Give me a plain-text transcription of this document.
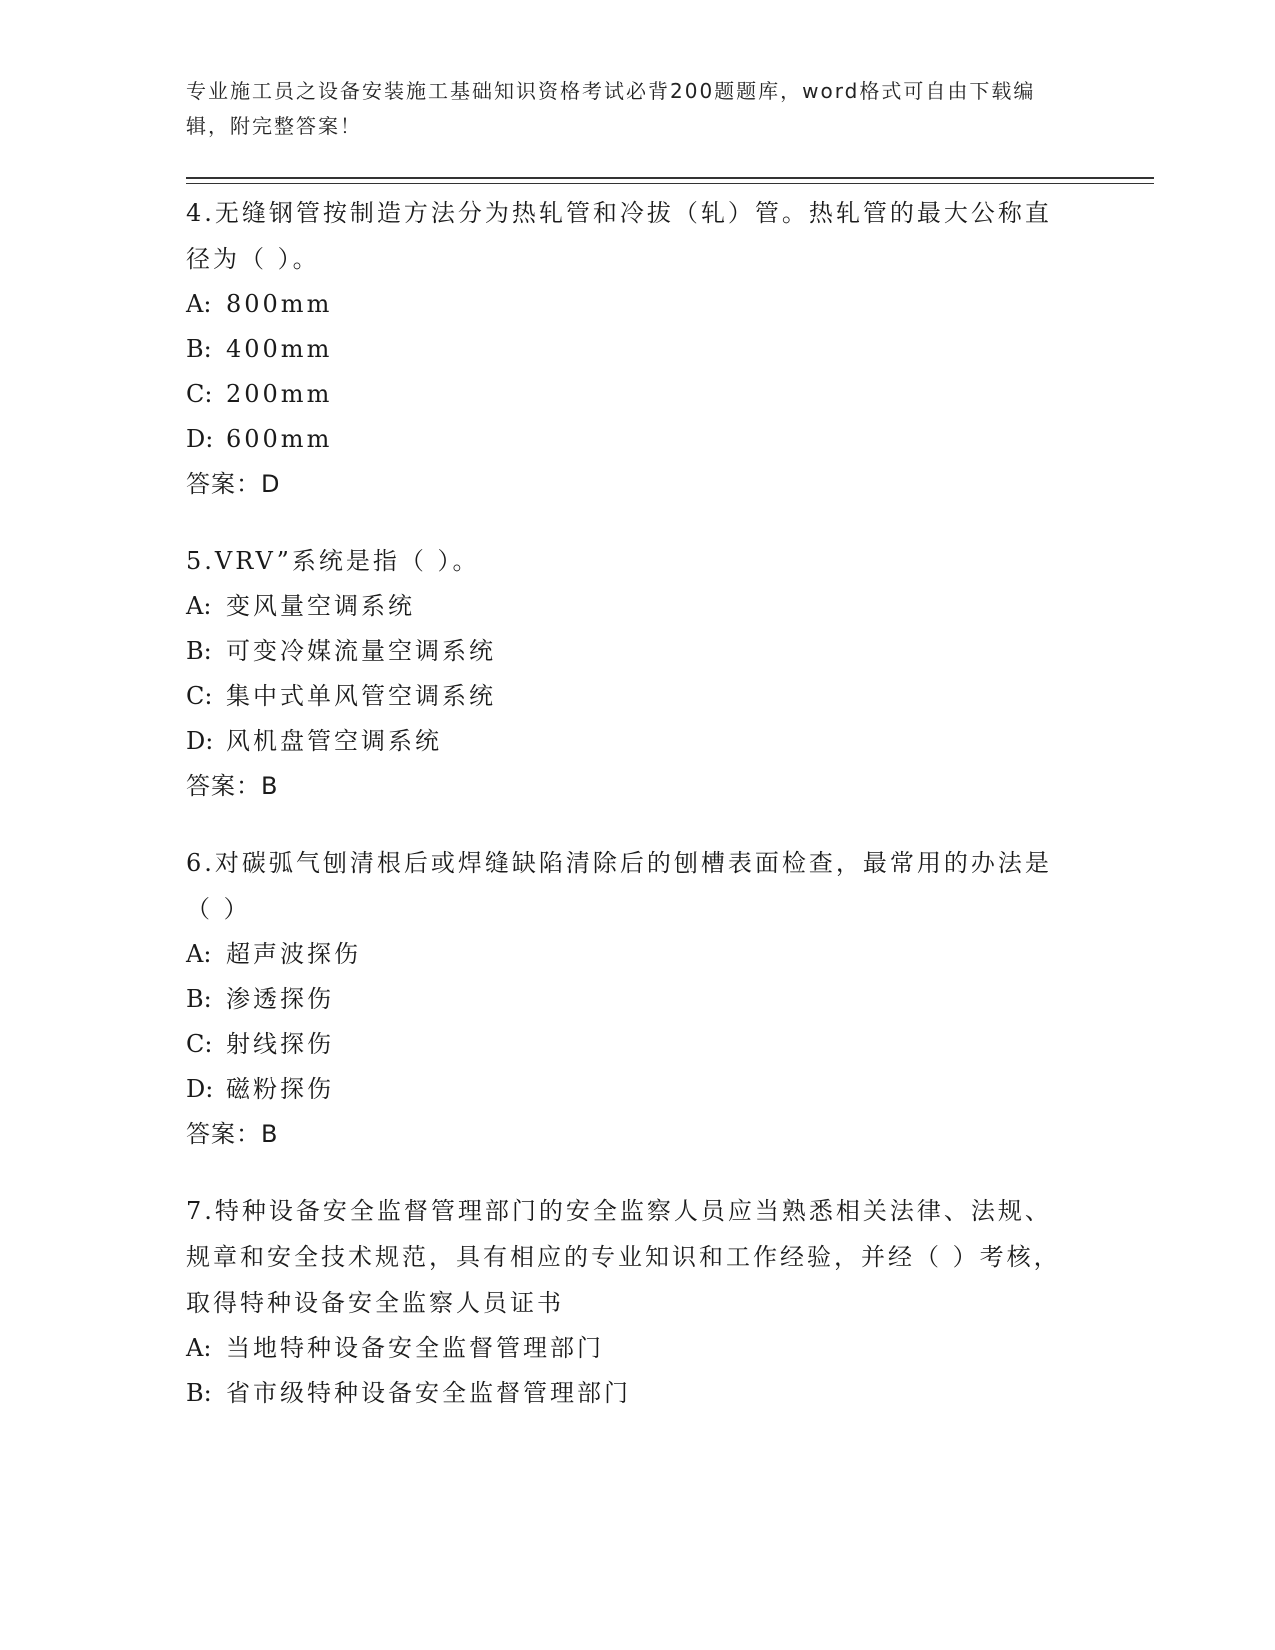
专业施工员之设备安装施工基础知识资格考试必背200题题库，word格式可自由下载编辑，附完整答案！
4.无缝钢管按制造方法分为热轧管和冷拔（轧）管。热轧管的最大公称直径为（ ）。
A: 800mm
B: 400mm
C: 200mm
D: 600mm
答案：D
5.VRV”系统是指（ ）。
A: 变风量空调系统
B: 可变冷媒流量空调系统
C: 集中式单风管空调系统
D: 风机盘管空调系统
答案：B
6.对碳弧气刨清根后或焊缝缺陷清除后的刨槽表面检查，最常用的办法是（ ）
A: 超声波探伤
B: 渗透探伤
C: 射线探伤
D: 磁粉探伤
答案：B
7.特种设备安全监督管理部门的安全监察人员应当熟悉相关法律、法规、规章和安全技术规范，具有相应的专业知识和工作经验，并经（ ）考核，取得特种设备安全监察人员证书
A: 当地特种设备安全监督管理部门
B: 省市级特种设备安全监督管理部门
